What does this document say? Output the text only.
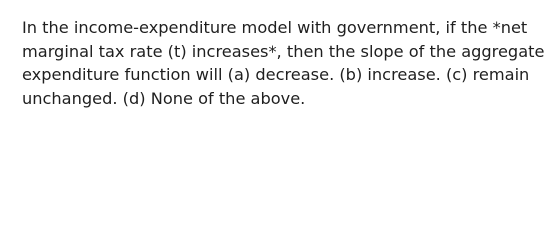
In the income-expenditure model with government, if the *net
marginal tax rate (t) increases*, then the slope of the aggregate
expenditure function will (a) decrease. (b) increase. (c) remain
unchanged. (d) None of the above.
